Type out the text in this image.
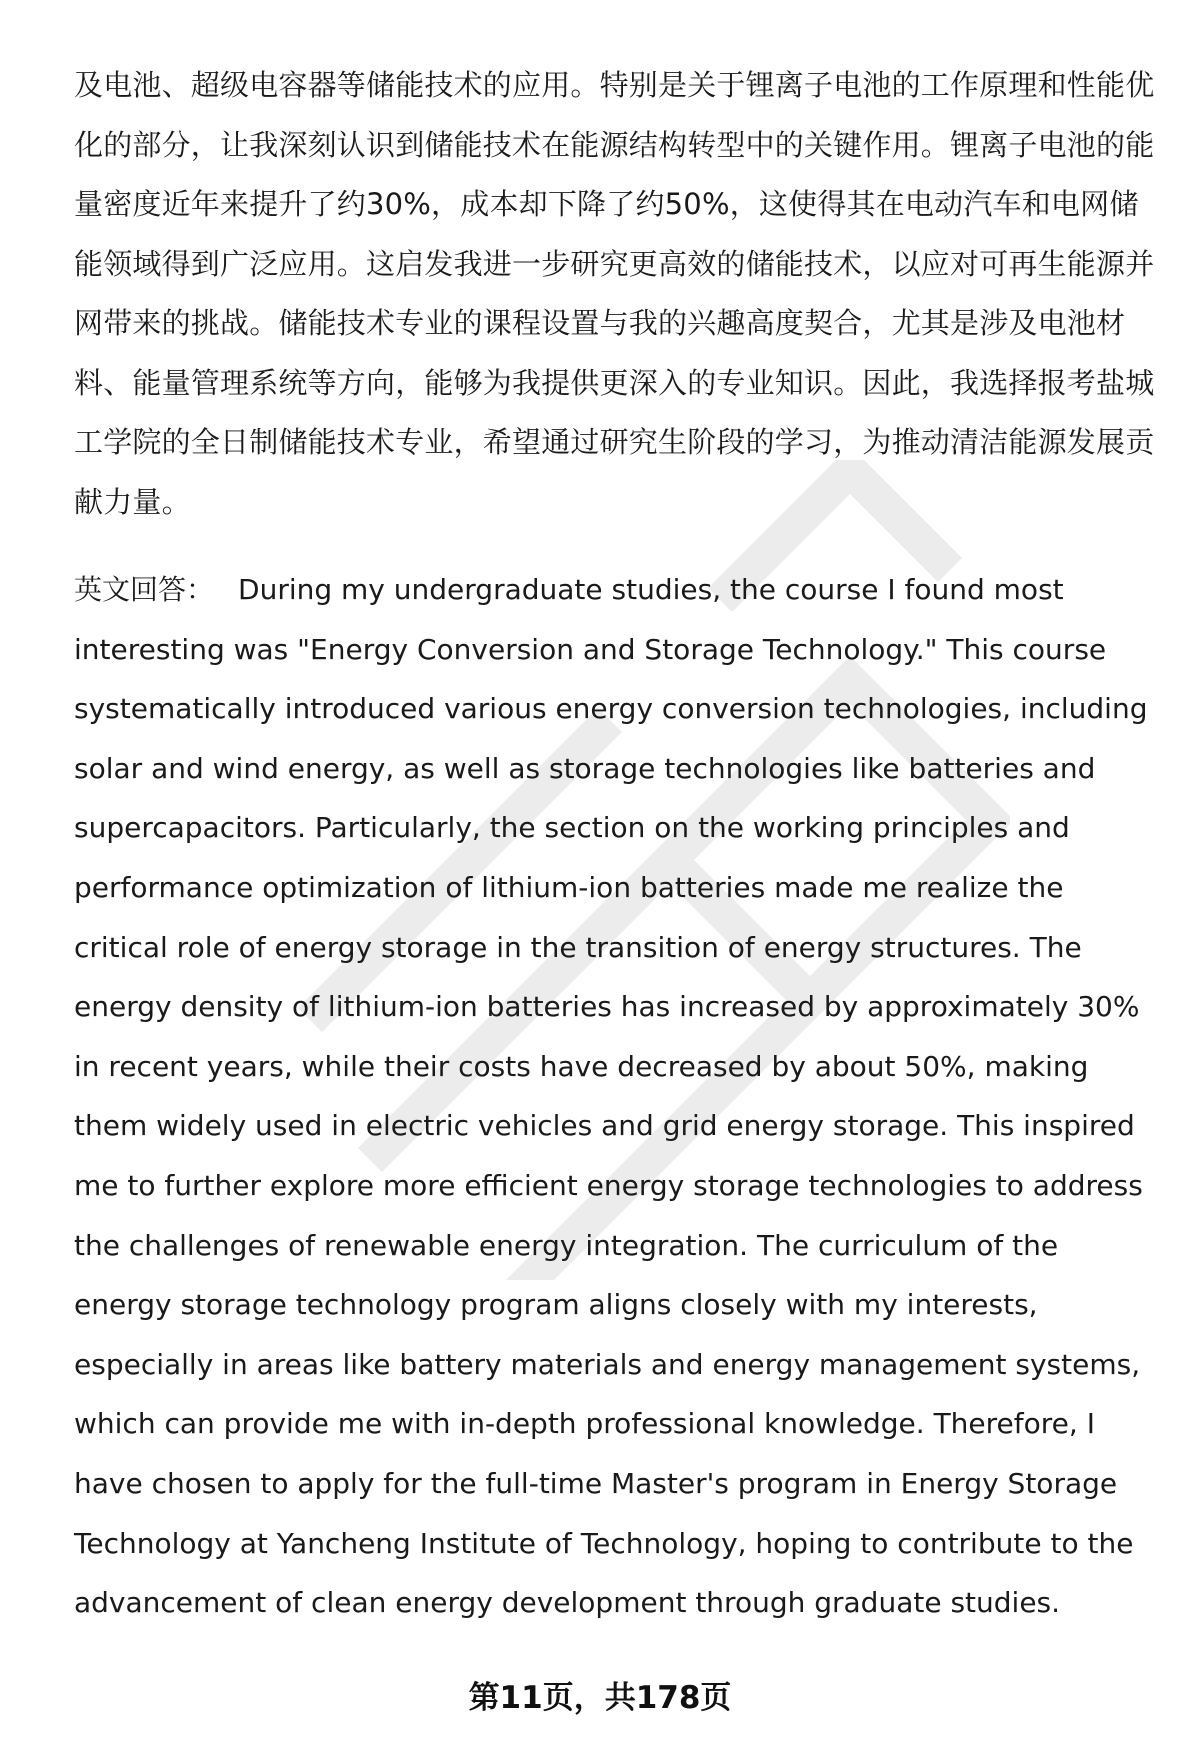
及电池、超级电容器等储能技术的应用。特别是关于锂离子电池的工作原理和性能优化的部分，让我深刻认识到储能技术在能源结构转型中的关键作用。锂离子电池的能量密度近年来提升了约30%，成本却下降了约50%，这使得其在电动汽车和电网储能领域得到广泛应用。这启发我进一步研究更高效的储能技术，以应对可再生能源并网带来的挑战。储能技术专业的课程设置与我的兴趣高度契合，尤其是涉及电池材料、能量管理系统等方向，能够为我提供更深入的专业知识。因此，我选择报考盐城工学院的全日制储能技术专业，希望通过研究生阶段的学习，为推动清洁能源发展贡献力量。

英文回答： During my undergraduate studies, the course I found most interesting was "Energy Conversion and Storage Technology." This course systematically introduced various energy conversion technologies, including solar and wind energy, as well as storage technologies like batteries and supercapacitors. Particularly, the section on the working principles and performance optimization of lithium-ion batteries made me realize the critical role of energy storage in the transition of energy structures. The energy density of lithium-ion batteries has increased by approximately 30% in recent years, while their costs have decreased by about 50%, making them widely used in electric vehicles and grid energy storage. This inspired me to further explore more efficient energy storage technologies to address the challenges of renewable energy integration. The curriculum of the energy storage technology program aligns closely with my interests, especially in areas like battery materials and energy management systems, which can provide me with in-depth professional knowledge. Therefore, I have chosen to apply for the full-time Master's program in Energy Storage Technology at Yancheng Institute of Technology, hoping to contribute to the advancement of clean energy development through graduate studies.

第11页，共178页
